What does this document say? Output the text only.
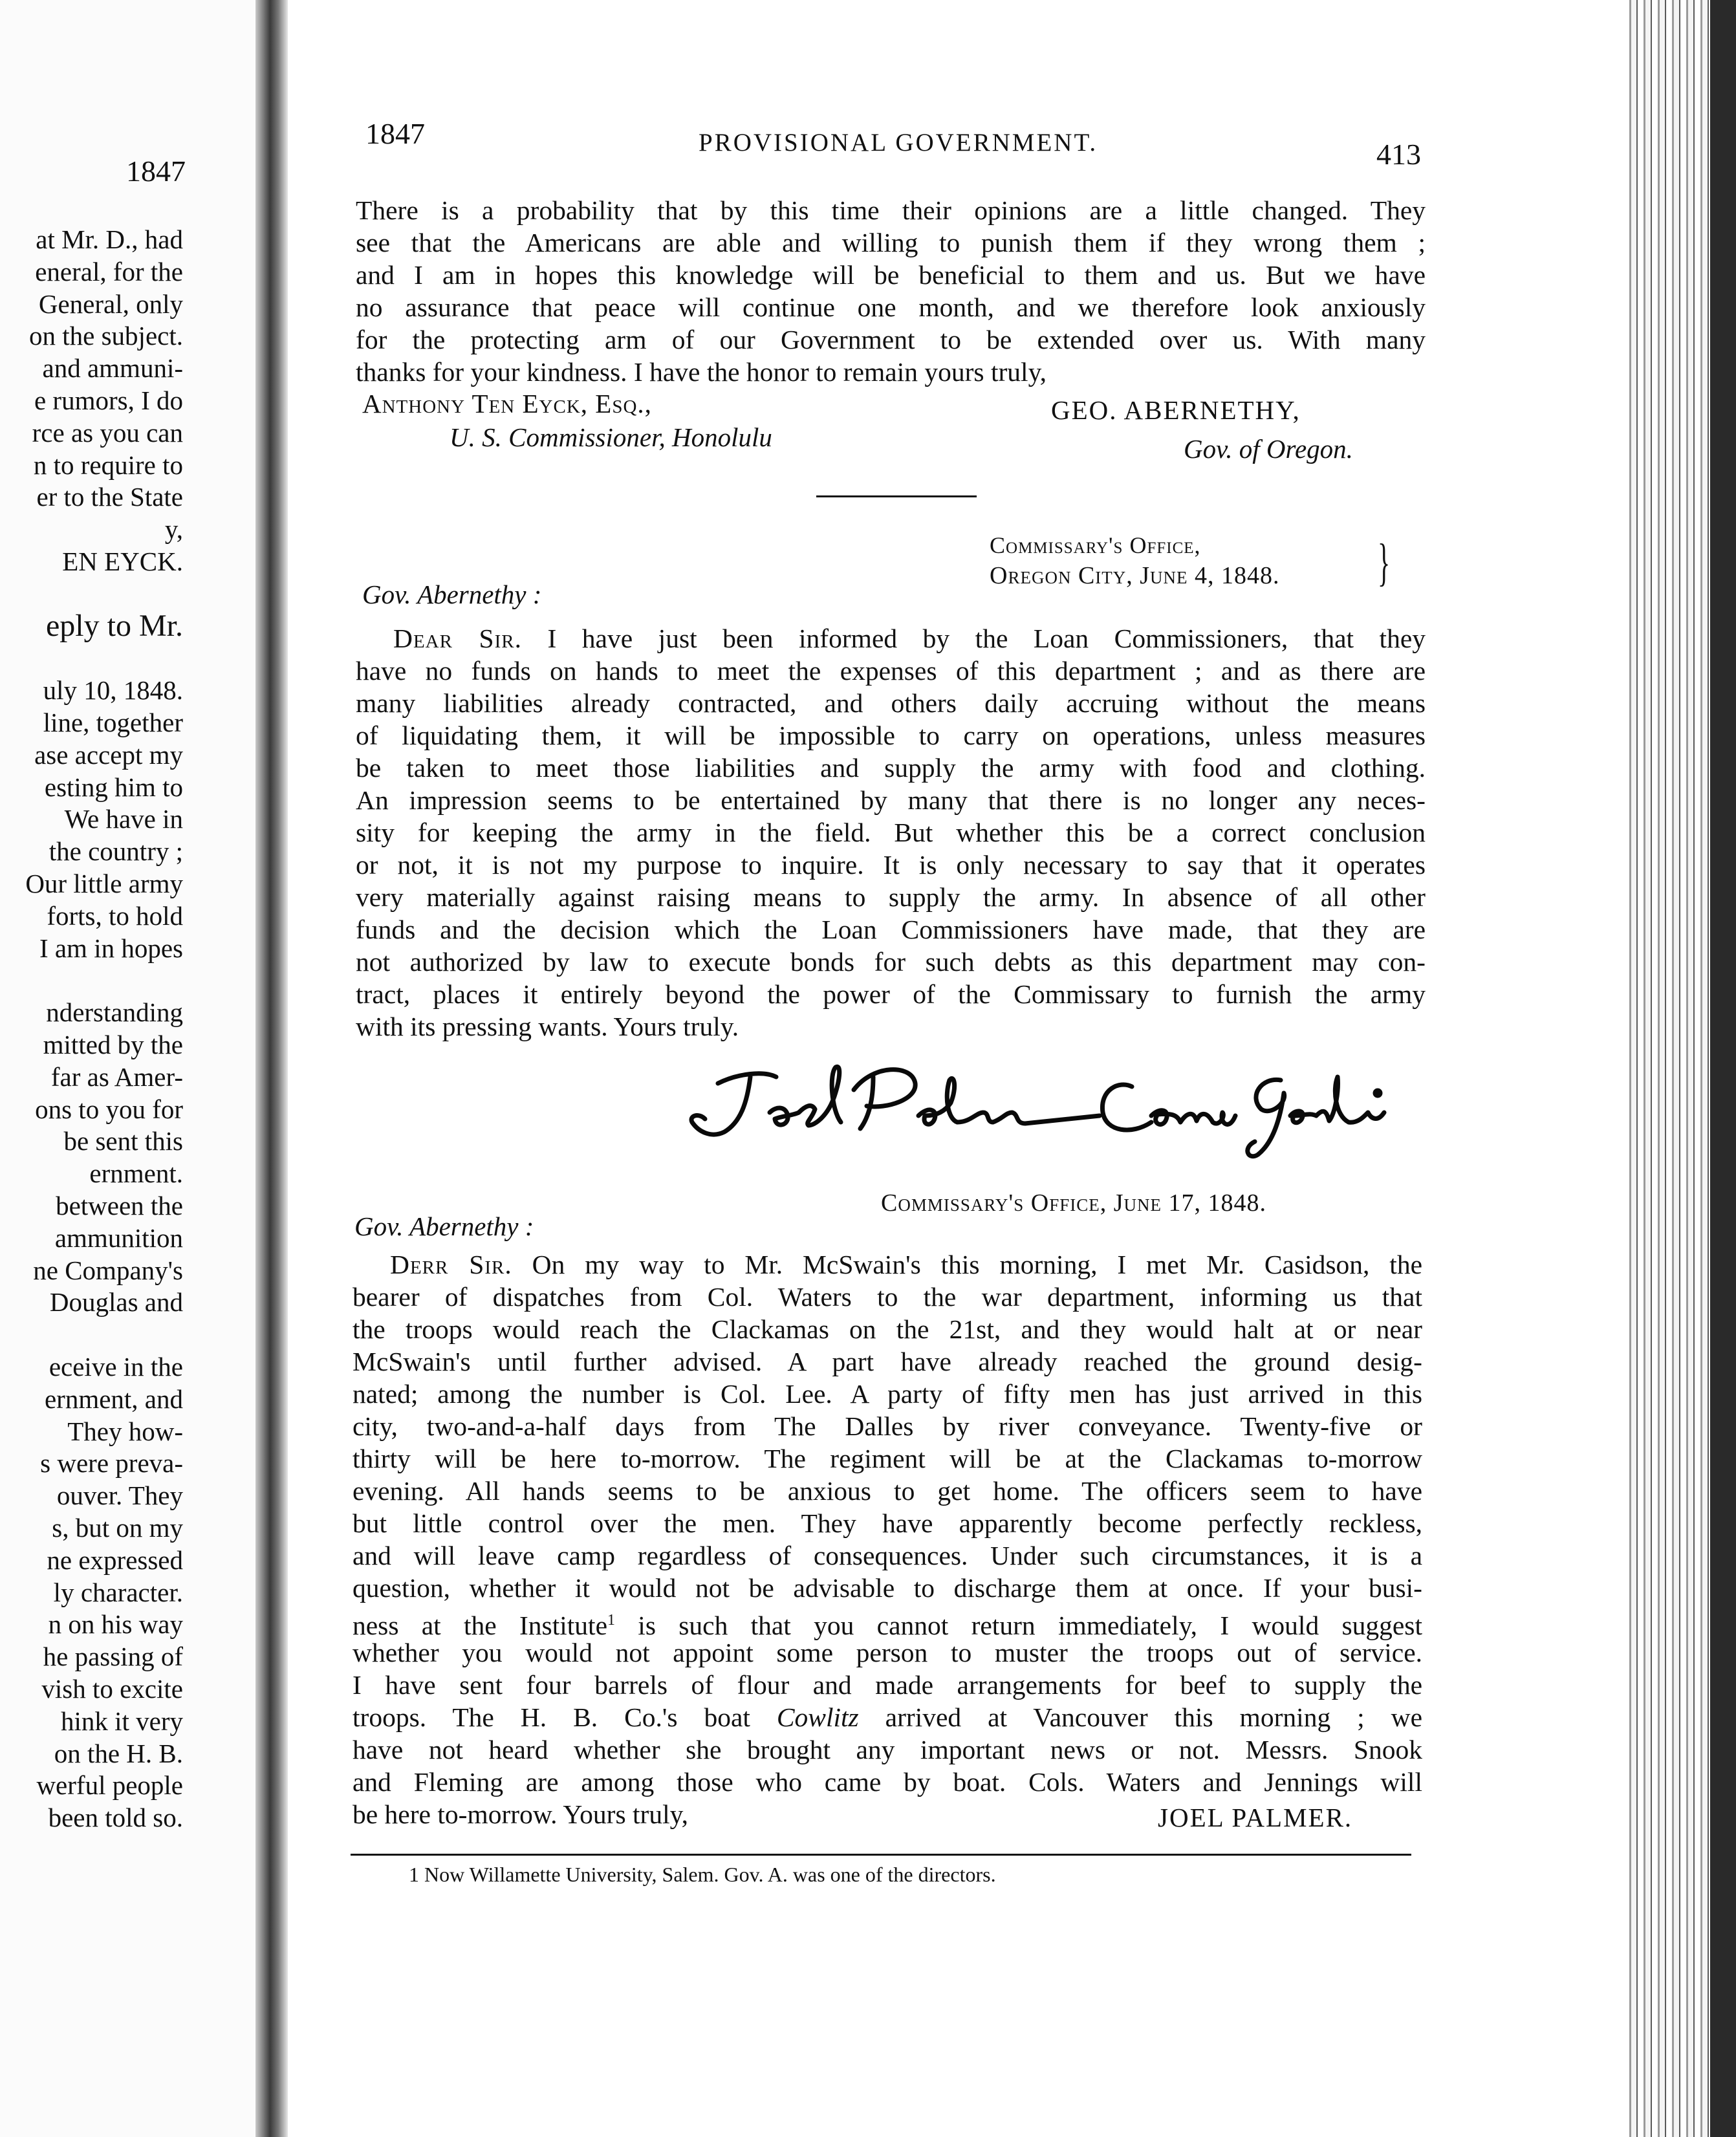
1847
at Mr. D., had
eneral, for the
General, only
on the subject.
and ammuni-
e rumors, I do
rce as you can
n to require to
er to the State
y,
EN EYCK.
eply to Mr.
uly 10, 1848.
line, together
ase accept my
esting him to
We have in
the country ;
Our little army
forts, to hold
I am in hopes
nderstanding
mitted by the
far as Amer-
ons to you for
be sent this
ernment.
between the
ammunition
ne Company's
Douglas and
eceive in the
ernment, and
They how-
s were preva-
ouver. They
s, but on my
ne expressed
ly character.
n on his way
he passing of
vish to excite
hink it very
on the H. B.
werful people
been told so.
1847	PROVISIONAL GOVERNMENT.	413
There is a probability that by this time their opinions are a little changed. They
see that the Americans are able and willing to punish them if they wrong them ;
and I am in hopes this knowledge will be beneficial to them and us. But we have
no assurance that peace will continue one month, and we therefore look anxiously
for the protecting arm of our Government to be extended over us. With many
thanks for your kindness. I have the honor to remain yours truly,
Anthony Ten Eyck, Esq.,
U. S. Commissioner, Honolulu
GEO. ABERNETHY,
Gov. of Oregon.
Commissary's Office,
Oregon City, June 4, 1848. }
Gov. Abernethy :
Dear Sir. I have just been informed by the Loan Commissioners, that they
have no funds on hands to meet the expenses of this department ; and as there are
many liabilities already contracted, and others daily accruing without the means
of liquidating them, it will be impossible to carry on operations, unless measures
be taken to meet those liabilities and supply the army with food and clothing.
An impression seems to be entertained by many that there is no longer any neces-
sity for keeping the army in the field. But whether this be a correct conclusion
or not, it is not my purpose to inquire. It is only necessary to say that it operates
very materially against raising means to supply the army. In absence of all other
funds and the decision which the Loan Commissioners have made, that they are
not authorized by law to execute bonds for such debts as this department may con-
tract, places it entirely beyond the power of the Commissary to furnish the army
with its pressing wants. Yours truly.
Commissary's Office, June 17, 1848.
Gov. Abernethy :
Derr Sir. On my way to Mr. McSwain's this morning, I met Mr. Casidson, the
bearer of dispatches from Col. Waters to the war department, informing us that
the troops would reach the Clackamas on the 21st, and they would halt at or near
McSwain's until further advised. A part have already reached the ground desig-
nated; among the number is Col. Lee. A party of fifty men has just arrived in this
city, two-and-a-half days from The Dalles by river conveyance. Twenty-five or
thirty will be here to-morrow. The regiment will be at the Clackamas to-morrow
evening. All hands seems to be anxious to get home. The officers seem to have
but little control over the men. They have apparently become perfectly reckless,
and will leave camp regardless of consequences. Under such circumstances, it is a
question, whether it would not be advisable to discharge them at once. If your busi-
ness at the Institute$^1$ is such that you cannot return immediately, I would suggest
whether you would not appoint some person to muster the troops out of service.
I have sent four barrels of flour and made arrangements for beef to supply the
troops. The H. B. Co.'s boat Cowlitz arrived at Vancouver this morning ; we
have not heard whether she brought any important news or not. Messrs. Snook
and Fleming are among those who came by boat. Cols. Waters and Jennings will
be here to-morrow. Yours truly,	JOEL PALMER.
1 Now Willamette University, Salem. Gov. A. was one of the directors.
